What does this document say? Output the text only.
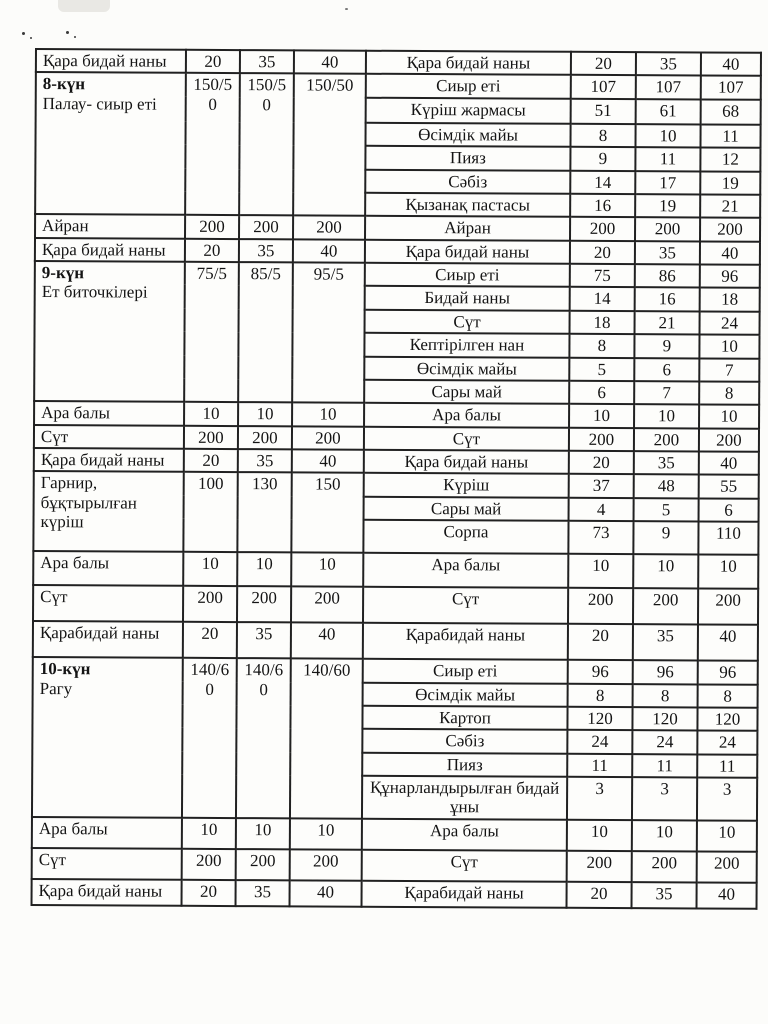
Қара бидай наны	20	35	40	Қара бидай наны	20	35	40
8-күн
Палау- сиыр еті	150/50	150/50	150/50	Сиыр еті	107	107	107
				Күріш жармасы	51	61	68
				Өсімдік майы	8	10	11
				Пияз	9	11	12
				Сәбіз	14	17	19
				Қызанақ пастасы	16	19	21
Айран	200	200	200	Айран	200	200	200
Қара бидай наны	20	35	40	Қара бидай наны	20	35	40
9-күн
Ет биточкілері	75/5	85/5	95/5	Сиыр еті	75	86	96
				Бидай наны	14	16	18
				Сүт	18	21	24
				Кептірілген нан	8	9	10
				Өсімдік майы	5	6	7
				Сары май	6	7	8
Ара балы	10	10	10	Ара балы	10	10	10
Сүт	200	200	200	Сүт	200	200	200
Қара бидай наны	20	35	40	Қара бидай наны	20	35	40
Гарнир, бұқтырылған күріш	100	130	150	Күріш	37	48	55
				Сары май	4	5	6
				Сорпа	73	9	110
Ара балы	10	10	10	Ара балы	10	10	10
Сүт	200	200	200	Сүт	200	200	200
Қарабидай наны	20	35	40	Қарабидай наны	20	35	40
10-күн
Рагу	140/60	140/60	140/60	Сиыр еті	96	96	96
				Өсімдік майы	8	8	8
				Картоп	120	120	120
				Сәбіз	24	24	24
				Пияз	11	11	11
				Құнарландырылған бидай ұны	3	3	3
Ара балы	10	10	10	Ара балы	10	10	10
Сүт	200	200	200	Сүт	200	200	200
Қара бидай наны	20	35	40	Қарабидай наны	20	35	40
